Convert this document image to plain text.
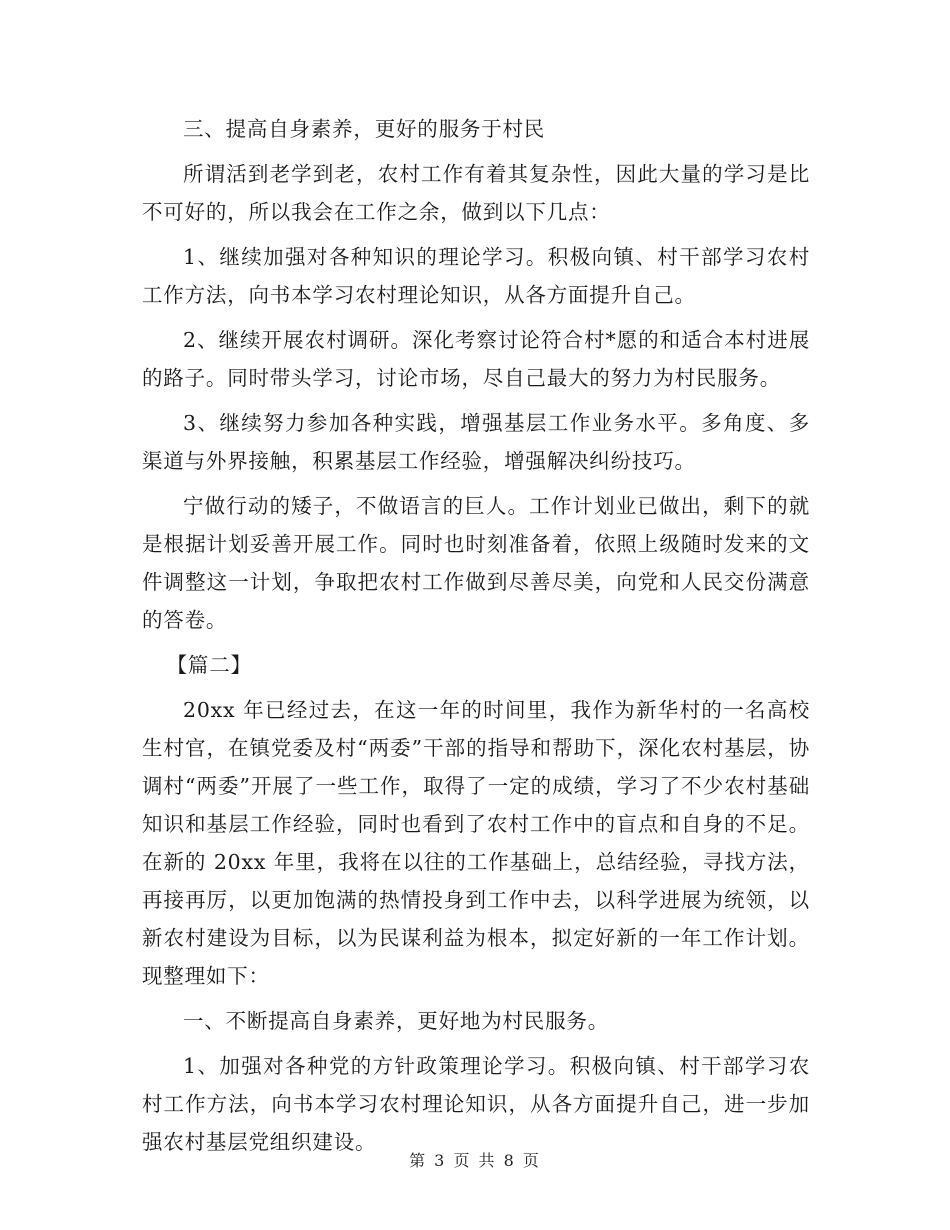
三、提高自身素养，更好的服务于村民

所谓活到老学到老，农村工作有着其复杂性，因此大量的学习是比不可好的，所以我会在工作之余，做到以下几点：

1、继续加强对各种知识的理论学习。积极向镇、村干部学习农村工作方法，向书本学习农村理论知识，从各方面提升自己。

2、继续开展农村调研。深化考察讨论符合村*愿的和适合本村进展的路子。同时带头学习，讨论市场，尽自己最大的努力为村民服务。

3、继续努力参加各种实践，增强基层工作业务水平。多角度、多渠道与外界接触，积累基层工作经验，增强解决纠纷技巧。

宁做行动的矮子，不做语言的巨人。工作计划业已做出，剩下的就是根据计划妥善开展工作。同时也时刻准备着，依照上级随时发来的文件调整这一计划，争取把农村工作做到尽善尽美，向党和人民交份满意的答卷。

【篇二】

20xx 年已经过去，在这一年的时间里，我作为新华村的一名高校生村官，在镇党委及村“两委”干部的指导和帮助下，深化农村基层，协调村“两委”开展了一些工作，取得了一定的成绩，学习了不少农村基础知识和基层工作经验，同时也看到了农村工作中的盲点和自身的不足。在新的 20xx 年里，我将在以往的工作基础上，总结经验，寻找方法，再接再厉，以更加饱满的热情投身到工作中去，以科学进展为统领，以新农村建设为目标，以为民谋利益为根本，拟定好新的一年工作计划。现整理如下：

一、不断提高自身素养，更好地为村民服务。

1、加强对各种党的方针政策理论学习。积极向镇、村干部学习农村工作方法，向书本学习农村理论知识，从各方面提升自己，进一步加强农村基层党组织建设。

第 3 页 共 8 页
